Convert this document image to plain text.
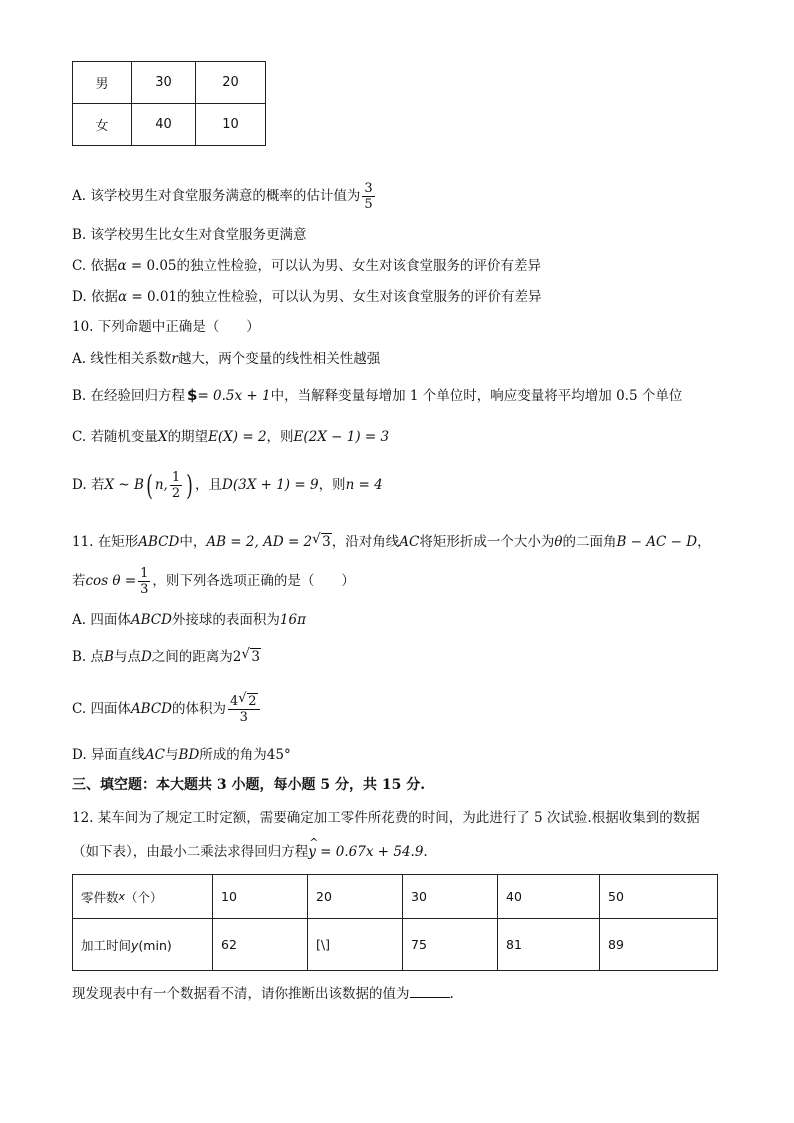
男	30	20
女	40	10
A. 该学校男生对食堂服务满意的概率的估计值为 $\frac{3}{5}$
B. 该学校男生比女生对食堂服务更满意
C. 依据α = 0.05的独立性检验，可以认为男、女生对该食堂服务的评价有差异
D. 依据α = 0.01的独立性检验，可以认为男、女生对该食堂服务的评价有差异
10. 下列命题中正确是（　　）
A. 线性相关系数r越大，两个变量的线性相关性越强
B. 在经验回归方程 $= 0.5x + 1中，当解释变量每增加 1 个单位时，响应变量将平均增加 0.5 个单位
C. 若随机变量X的期望E(X) = 2，则E(2X − 1) = 3
D. 若X ~ B( n, $\frac{1}{2}$ ) ，且D(3X + 1) = 9，则n = 4
11. 在矩形ABCD中，AB = 2, AD = 2 √ 3，沿对角线AC将矩形折成一个大小为θ的二面角B − AC − D，
若$\cos \theta = \frac{1}{3}$ ，则下列各选项正确的是（　　）
A. 四面体ABCD外接球的表面积为16π
B. 点B与点D之间的距离为2 √ 3
C. 四面体ABCD的体积为 $\frac{4 √ 2}{3}$
D. 异面直线AC与BD所成的角为45°
三、填空题：本大题共 3 小题，每小题 5 分，共 15 分.
12. 某车间为了规定工时定额，需要确定加工零件所花费的时间，为此进行了 5 次试验.根据收集到的数据
（如下表），由最小二乘法求得回归方程^ y = 0.67x + 54.9.
零件数x（个）	10	20	30	40	50
加工时间y(min)	62	[\]	75	81	89
现发现表中有一个数据看不清，请你推断出该数据的值为	.
